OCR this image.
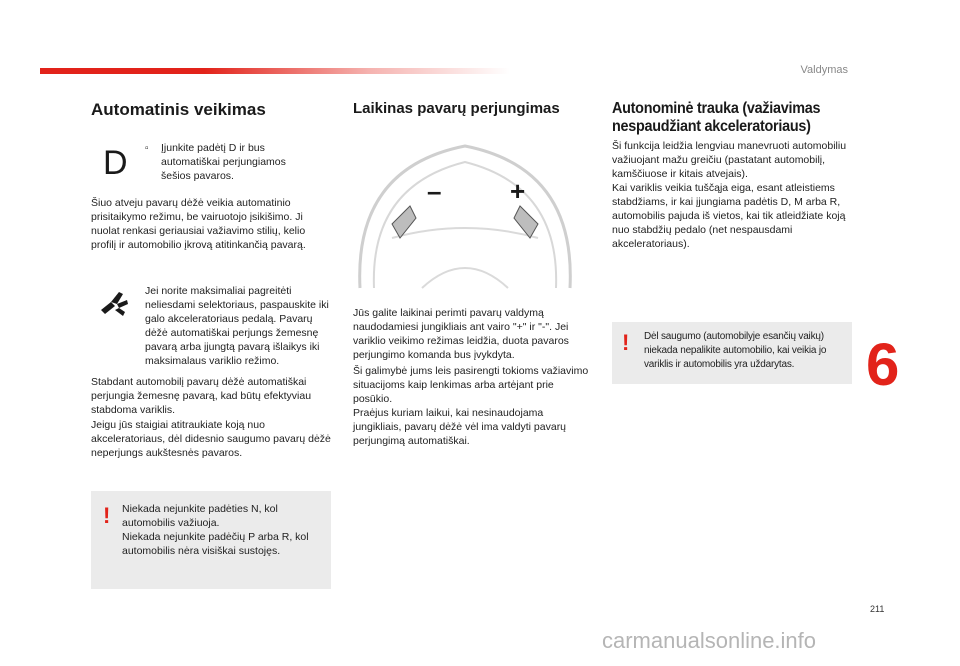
Valdymas
Automatinis veikimas
D ▫ Įjunkite padėtį D ir bus automatiškai perjungiamos šešios pavaros.
Šiuo atveju pavarų dėžė veikia automatinio prisitaikymo režimu, be vairuotojo įsikišimo. Ji nuolat renkasi geriausiai važiavimo stilių, kelio profilį ir automobilio įkrovą atitinkančią pavarą.
Jei norite maksimaliai pagreitėti neliesdami selektoriaus, paspauskite iki galo akceleratoriaus pedalą. Pavarų dėžė automatiškai perjungs žemesnę pavarą arba įjungtą pavarą išlaikys iki maksimalaus variklio režimo.
Stabdant automobilį pavarų dėžė automatiškai perjungia žemesnę pavarą, kad būtų efektyviau stabdoma variklis.
Jeigu jūs staigiai atitraukiate koją nuo akceleratoriaus, dėl didesnio saugumo pavarų dėžė neperjungs aukštesnės pavaros.
! Niekada nejunkite padėties N, kol automobilis važiuoja.
Niekada nejunkite padėčių P arba R, kol automobilis nėra visiškai sustojęs.
Laikinas pavarų perjungimas
–	+
Jūs galite laikinai perimti pavarų valdymą naudodamiesi jungikliais ant vairo "+" ir "-". Jei variklio veikimo režimas leidžia, duota pavaros perjungimo komanda bus įvykdyta.
Ši galimybė jums leis pasirengti tokioms važiavimo situacijoms kaip lenkimas arba artėjant prie posūkio.
Praėjus kuriam laikui, kai nesinaudojama jungikliais, pavarų dėžė vėl ima valdyti pavarų perjungimą automatiškai.
Autonominė trauka (važiavimas
nespaudžiant akceleratoriaus)
Ši funkcija leidžia lengviau manevruoti automobiliu važiuojant mažu greičiu (pastatant automobilį, kamščiuose ir kitais atvejais).
Kai variklis veikia tuščąja eiga, esant atleistiems stabdžiams, ir kai įjungiama padėtis D, M arba R, automobilis pajuda iš vietos, kai tik atleidžiate koją nuo stabdžių pedalo (net nespausdami akceleratoriaus).
! Dėl saugumo (automobilyje esančių vaikų) niekada nepalikite automobilio, kai veikia jo variklis ir automobilis yra uždarytas.	6
211
carmanualsonline.info
